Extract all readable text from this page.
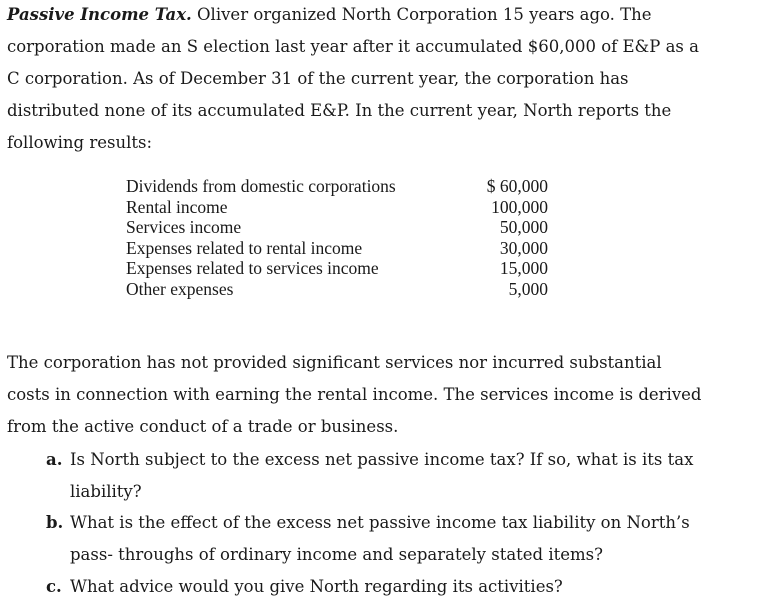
Passive Income Tax. Oliver organized North Corporation 15 years ago. The
corporation made an S election last year after it accumulated $60,000 of E&P as a
C corporation. As of December 31 of the current year, the corporation has
distributed none of its accumulated E&P. In the current year, North reports the
following results:
Dividends from domestic corporations	$ 60,000
Rental income	100,000
Services income	50,000
Expenses related to rental income	30,000
Expenses related to services income	15,000
Other expenses	5,000
The corporation has not provided significant services nor incurred substantial
costs in connection with earning the rental income. The services income is derived
from the active conduct of a trade or business.
a. Is North subject to the excess net passive income tax? If so, what is its tax
liability?
b. What is the effect of the excess net passive income tax liability on North’s
pass- throughs of ordinary income and separately stated items?
c. What advice would you give North regarding its activities?
